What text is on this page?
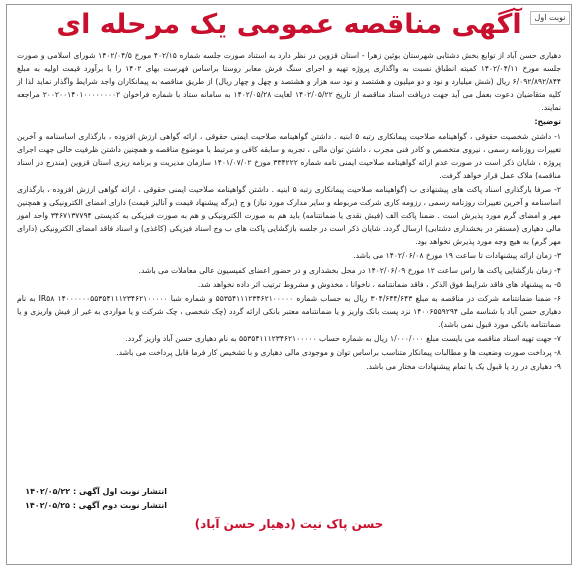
نوبت اول
آگهی مناقصه عمومی یک مرحله ای

دهیاری حسن آباد از توابع بخش دشتابی شهرستان بوئین زهرا - استان قزوین در نظر دارد به استناد صورت جلسه شماره ۴۰۲/۱۵ مورخ ۱۴۰۲/۰۴/۵ شورای اسلامی و صورت جلسه مورخ ۱۴۰۲/۰۴/۱۱ کمیته انطباق نسبت به واگذاری پروژه تهیه و اجرای سنگ فرش معابر روستا براساس فهرست بهای ۱۴۰۲ را با برآورد قیمت اولیه به مبلغ ۶/۰۹۲/۸۹۲/۸۴۴ ریال (شش میلیارد و نود و دو میلیون و هشتصد و نود سه هزار و هشتصد و چهل و چهار ریال) از طریق مناقصه به پیمانکاران واجد شرایط واگذار نماید لذا از کلیه متقاضیان دعوت بعمل می آید جهت دریافت اسناد مناقصه از تاریخ ۱۴۰۲/۰۵/۲۲ لغایت ۱۴۰۲/۰۵/۲۸ به سامانه ستاد با شماره فراخوان ۲۰۰۲۰۰۱۴۰۱۰۰۰۰۰۰۰۰۲ مراجعه نمایند.

توضیح:

۱- داشتن شخصیت حقوقی ، گواهینامه صلاحیت پیمانکاری رتبه ۵ ابنیه . داشتن گواهینامه صلاحیت ایمنی حقوقی ، ارائه گواهی ارزش افزوده ، بارگذاری اساسنامه و آخرین تغییرات روزنامه رسمی ، نیروی متخصص و کادر فنی مجرب ، داشتن توان مالی ، تجربه و سابقه کافی و مرتبط با موضوع مناقصه و همچنین داشتن ظرفیت خالی جهت اجرای پروژه ، شایان ذکر است در صورت عدم ارائه گواهینامه صلاحیت ایمنی نامه شماره ۳۳۴۲۲۲ مورخ ۱۴۰۱/۰۷/۰۲ سازمان مدیریت و برنامه ریزی استان قزوین (مندرج در اسناد مناقصه) ملاک عمل قرار خواهد گرفت.

۲- صرفا بارگذاری اسناد پاکت های پیشنهادی ب (گواهینامه صلاحیت پیمانکاری رتبه ۵ ابنیه . داشتن گواهینامه صلاحیت ایمنی حقوقی ، ارائه گواهی ارزش افزوده ، بارگذاری اساسنامه و آخرین تغییرات روزنامه رسمی ، رزومه کاری شرکت مربوطه و سایر مدارک مورد نیاز) و ج (برگه پیشنهاد قیمت و آنالیز قیمت) دارای امضای الکترونیکی و همچنین مهر و امضای گرم مورد پذیرش است . ضمنا پاکت الف (فیش نقدی یا ضمانتنامه) باید هم به صورت الکترونیکی و هم به صورت فیزیکی به کدپستی ۳۴۶۷۱۳۷۷۹۴ واحد امور مالی دهیاری (مستقر در بخشداری دشتابی) ارسال گردد. شایان ذکر است در جلسه بازگشایی پاکت های ب وج اسناد فیزیکی (کاغذی) و اسناد فاقد امضای الکترونیکی (دارای مهر گرم) به هیچ وجه مورد پذیرش نخواهد بود.

۳- زمان ارائه پیشنهادات تا ساعت ۱۹ مورخ ۱۴۰۲/۰۶/۰۸ می باشد.

۴- زمان بازگشایی پاکت ها راس ساعت ۱۲ مورخ ۱۴۰۲/۰۶/۰۹ در محل بخشداری و در حضور اعضای کمیسیون عالی معاملات می باشد.

۵- به پیشنهاد های فاقد شرایط فوق الذکر ، فاقد ضمانتنامه ، ناخوانا ، مخدوش و مشروط ترتیب اثر داده نخواهد شد.

۶- ضمنا ضمانتنامه شرکت در مناقصه به مبلغ ۳۰۴/۶۴۴/۶۴۳ ریال به حساب شماره ۵۵۳۵۴۱۱۱۲۳۴۶۲۱۰۰۰۰۰ و شماره شبا ۱۴۰۰۰۰۰۰۵۵۳۵۴۱۱۱۲۳۴۶۲۱۰۰۰۰۰ IR۵۸ به نام دهیاری حسن آباد با شناسه ملی ۱۴۰۰۶۵۵۹۲۹۴ نزد پست بانک واریز و یا ضمانتنامه معتبر بانکی ارائه گردد (چک شخصی ، چک شرکت و یا مواردی به غیر از فیش واریزی و یا ضمانتنامه بانکی مورد قبول نمی باشد).

۷- جهت تهیه اسناد مناقصه می بایست مبلغ ۱/۰۰۰/۰۰۰ ریال به شماره حساب ۵۵۳۵۴۱۱۱۲۳۴۶۲۱۰۰۰۰۰ به نام دهیاری حسن آباد واریز گردد.

۸- پرداخت صورت وضعیت ها و مطالبات پیمانکار متناسب براساس توان و موجودی مالی دهیاری و با تشخیص کار فرما قابل پرداخت می باشد.

۹- دهیاری در رد یا قبول یک یا تمام پیشنهادات مختار می باشد.

انتشار نوبت اول آگهی : ۱۴۰۲/۰۵/۲۲
انتشار نوبت دوم آگهی : ۱۴۰۲/۰۵/۲۵
حسن پاک نیت (دهیار حسن آباد)
